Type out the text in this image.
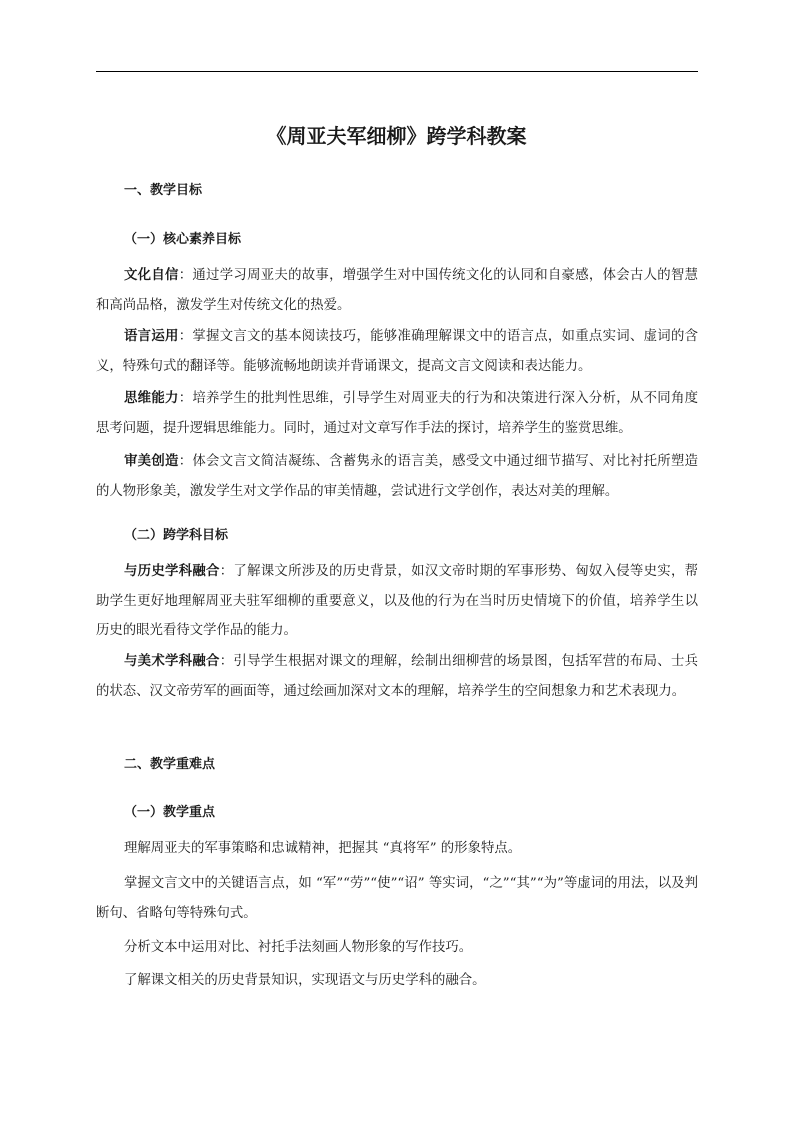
《周亚夫军细柳》跨学科教案
一、教学目标
（一）核心素养目标

文化自信：通过学习周亚夫的故事，增强学生对中国传统文化的认同和自豪感，体会古人的智慧和高尚品格，激发学生对传统文化的热爱。

语言运用：掌握文言文的基本阅读技巧，能够准确理解课文中的语言点，如重点实词、虚词的含义，特殊句式的翻译等。能够流畅地朗读并背诵课文，提高文言文阅读和表达能力。

思维能力：培养学生的批判性思维，引导学生对周亚夫的行为和决策进行深入分析，从不同角度思考问题，提升逻辑思维能力。同时，通过对文章写作手法的探讨，培养学生的鉴赏思维。

审美创造：体会文言文简洁凝练、含蓄隽永的语言美，感受文中通过细节描写、对比衬托所塑造的人物形象美，激发学生对文学作品的审美情趣，尝试进行文学创作，表达对美的理解。

（二）跨学科目标

与历史学科融合：了解课文所涉及的历史背景，如汉文帝时期的军事形势、匈奴入侵等史实，帮助学生更好地理解周亚夫驻军细柳的重要意义，以及他的行为在当时历史情境下的价值，培养学生以历史的眼光看待文学作品的能力。

与美术学科融合：引导学生根据对课文的理解，绘制出细柳营的场景图，包括军营的布局、士兵的状态、汉文帝劳军的画面等，通过绘画加深对文本的理解，培养学生的空间想象力和艺术表现力。

二、教学重难点
（一）教学重点

理解周亚夫的军事策略和忠诚精神，把握其 “真将军” 的形象特点。

掌握文言文中的关键语言点，如 “军”“劳”“使”“诏” 等实词，“之”“其”“为”等虚词的用法，以及判断句、省略句等特殊句式。

分析文本中运用对比、衬托手法刻画人物形象的写作技巧。

了解课文相关的历史背景知识，实现语文与历史学科的融合。
